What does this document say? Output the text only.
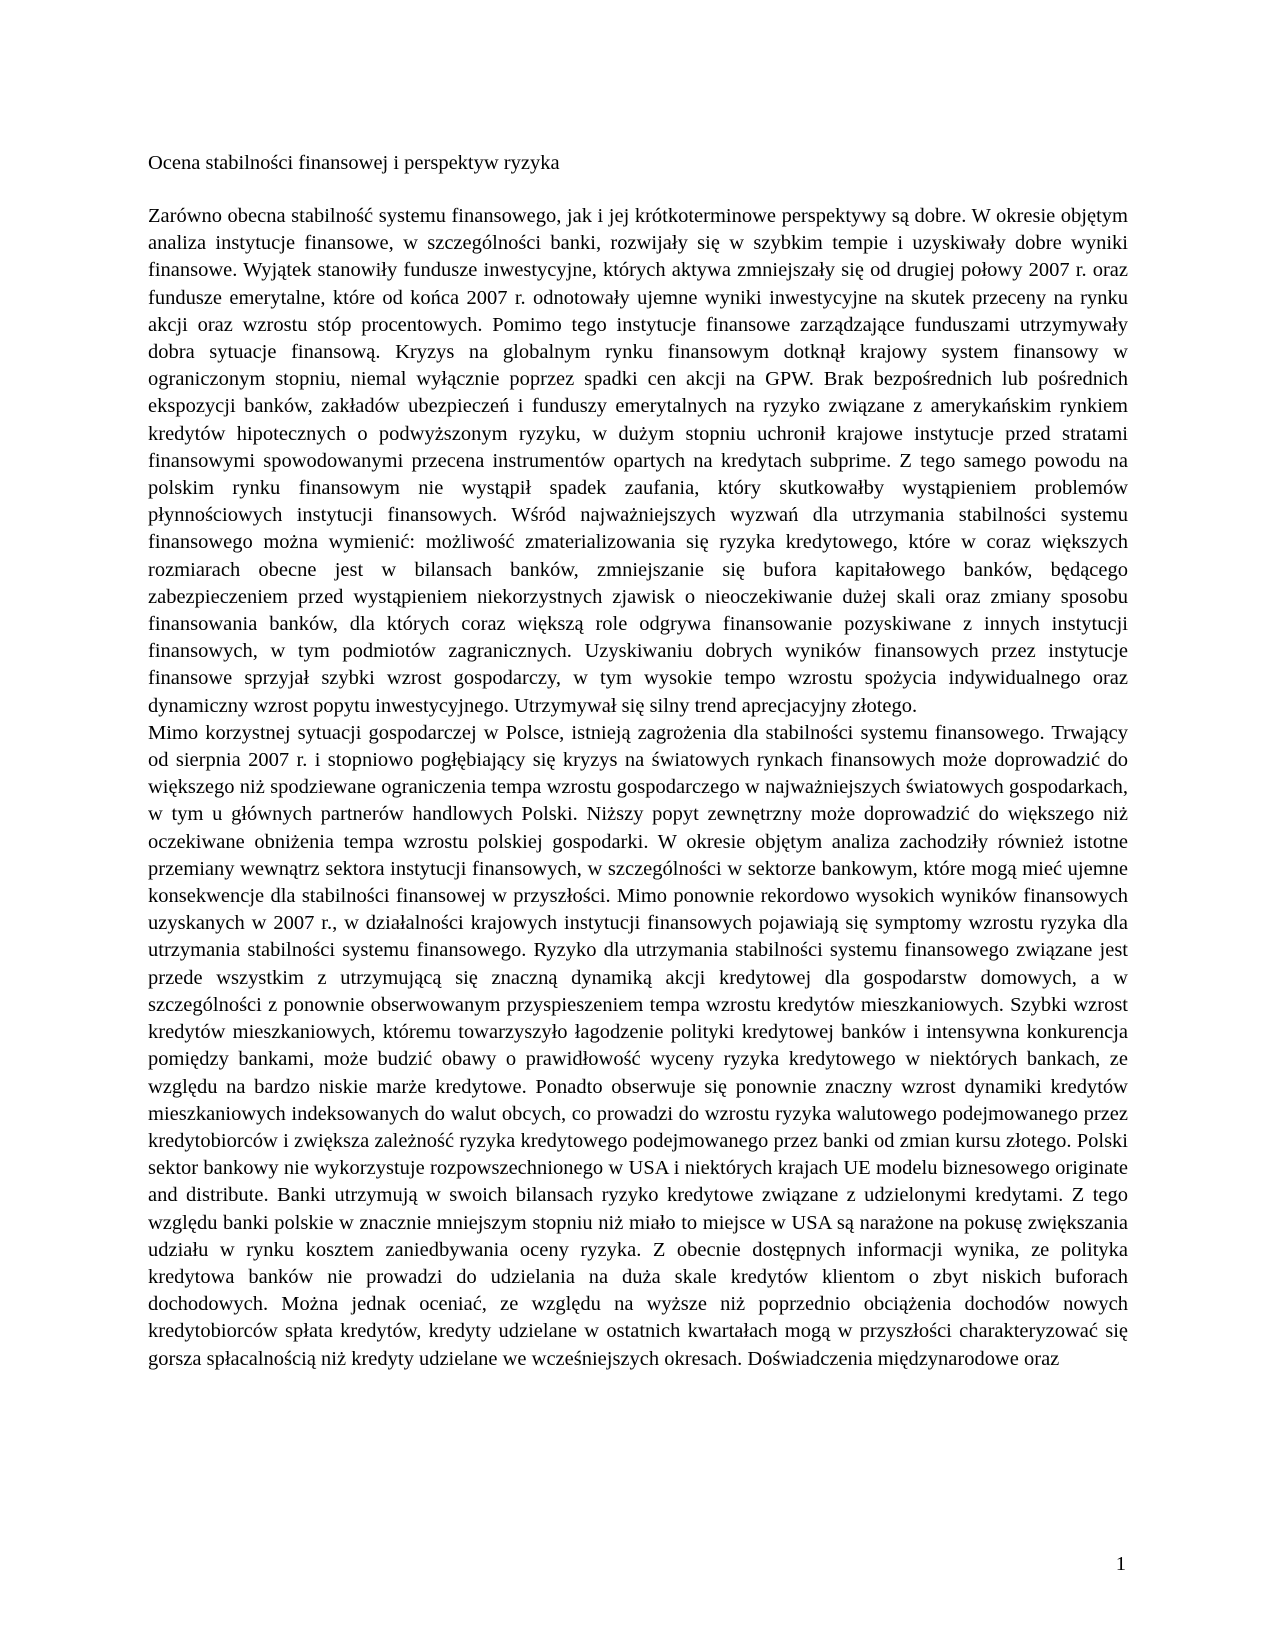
Ocena stabilności finansowej i perspektyw ryzyka

Zarówno obecna stabilność systemu finansowego, jak i jej krótkoterminowe perspektywy są dobre. W okresie objętym analiza instytucje finansowe, w szczególności banki, rozwijały się w szybkim tempie i uzyskiwały dobre wyniki finansowe. Wyjątek stanowiły fundusze inwestycyjne, których aktywa zmniejszały się od drugiej połowy 2007 r. oraz fundusze emerytalne, które od końca 2007 r. odnotowały ujemne wyniki inwestycyjne na skutek przeceny na rynku akcji oraz wzrostu stóp procentowych. Pomimo tego instytucje finansowe zarządzające funduszami utrzymywały dobra sytuacje finansową. Kryzys na globalnym rynku finansowym dotknął krajowy system finansowy w ograniczonym stopniu, niemal wyłącznie poprzez spadki cen akcji na GPW. Brak bezpośrednich lub pośrednich ekspozycji banków, zakładów ubezpieczeń i funduszy emerytalnych na ryzyko związane z amerykańskim rynkiem kredytów hipotecznych o podwyższonym ryzyku, w dużym stopniu uchronił krajowe instytucje przed stratami finansowymi spowodowanymi przecena instrumentów opartych na kredytach subprime. Z tego samego powodu na polskim rynku finansowym nie wystąpił spadek zaufania, który skutkowałby wystąpieniem problemów płynnościowych instytucji finansowych. Wśród najważniejszych wyzwań dla utrzymania stabilności systemu finansowego można wymienić: możliwość zmaterializowania się ryzyka kredytowego, które w coraz większych rozmiarach obecne jest w bilansach banków, zmniejszanie się bufora kapitałowego banków, będącego zabezpieczeniem przed wystąpieniem niekorzystnych zjawisk o nieoczekiwanie dużej skali oraz zmiany sposobu finansowania banków, dla których coraz większą role odgrywa finansowanie pozyskiwane z innych instytucji finansowych, w tym podmiotów zagranicznych. Uzyskiwaniu dobrych wyników finansowych przez instytucje finansowe sprzyjał szybki wzrost gospodarczy, w tym wysokie tempo wzrostu spożycia indywidualnego oraz dynamiczny wzrost popytu inwestycyjnego. Utrzymywał się silny trend aprecjacyjny złotego.

Mimo korzystnej sytuacji gospodarczej w Polsce, istnieją zagrożenia dla stabilności systemu finansowego. Trwający od sierpnia 2007 r. i stopniowo pogłębiający się kryzys na światowych rynkach finansowych może doprowadzić do większego niż spodziewane ograniczenia tempa wzrostu gospodarczego w najważniejszych światowych gospodarkach, w tym u głównych partnerów handlowych Polski. Niższy popyt zewnętrzny może doprowadzić do większego niż oczekiwane obniżenia tempa wzrostu polskiej gospodarki. W okresie objętym analiza zachodziły również istotne przemiany wewnątrz sektora instytucji finansowych, w szczególności w sektorze bankowym, które mogą mieć ujemne konsekwencje dla stabilności finansowej w przyszłości. Mimo ponownie rekordowo wysokich wyników finansowych uzyskanych w 2007 r., w działalności krajowych instytucji finansowych pojawiają się symptomy wzrostu ryzyka dla utrzymania stabilności systemu finansowego. Ryzyko dla utrzymania stabilności systemu finansowego związane jest przede wszystkim z utrzymującą się znaczną dynamiką akcji kredytowej dla gospodarstw domowych, a w szczególności z ponownie obserwowanym przyspieszeniem tempa wzrostu kredytów mieszkaniowych. Szybki wzrost kredytów mieszkaniowych, któremu towarzyszyło łagodzenie polityki kredytowej banków i intensywna konkurencja pomiędzy bankami, może budzić obawy o prawidłowość wyceny ryzyka kredytowego w niektórych bankach, ze względu na bardzo niskie marże kredytowe. Ponadto obserwuje się ponownie znaczny wzrost dynamiki kredytów mieszkaniowych indeksowanych do walut obcych, co prowadzi do wzrostu ryzyka walutowego podejmowanego przez kredytobiorców i zwiększa zależność ryzyka kredytowego podejmowanego przez banki od zmian kursu złotego. Polski sektor bankowy nie wykorzystuje rozpowszechnionego w USA i niektórych krajach UE modelu biznesowego originate and distribute. Banki utrzymują w swoich bilansach ryzyko kredytowe związane z udzielonymi kredytami. Z tego względu banki polskie w znacznie mniejszym stopniu niż miało to miejsce w USA są narażone na pokusę zwiększania udziału w rynku kosztem zaniedbywania oceny ryzyka. Z obecnie dostępnych informacji wynika, ze polityka kredytowa banków nie prowadzi do udzielania na duża skale kredytów klientom o zbyt niskich buforach dochodowych. Można jednak oceniać, ze względu na wyższe niż poprzednio obciążenia dochodów nowych kredytobiorców spłata kredytów, kredyty udzielane w ostatnich kwartałach mogą w przyszłości charakteryzować się gorsza spłacalnością niż kredyty udzielane we wcześniejszych okresach. Doświadczenia międzynarodowe oraz

1
